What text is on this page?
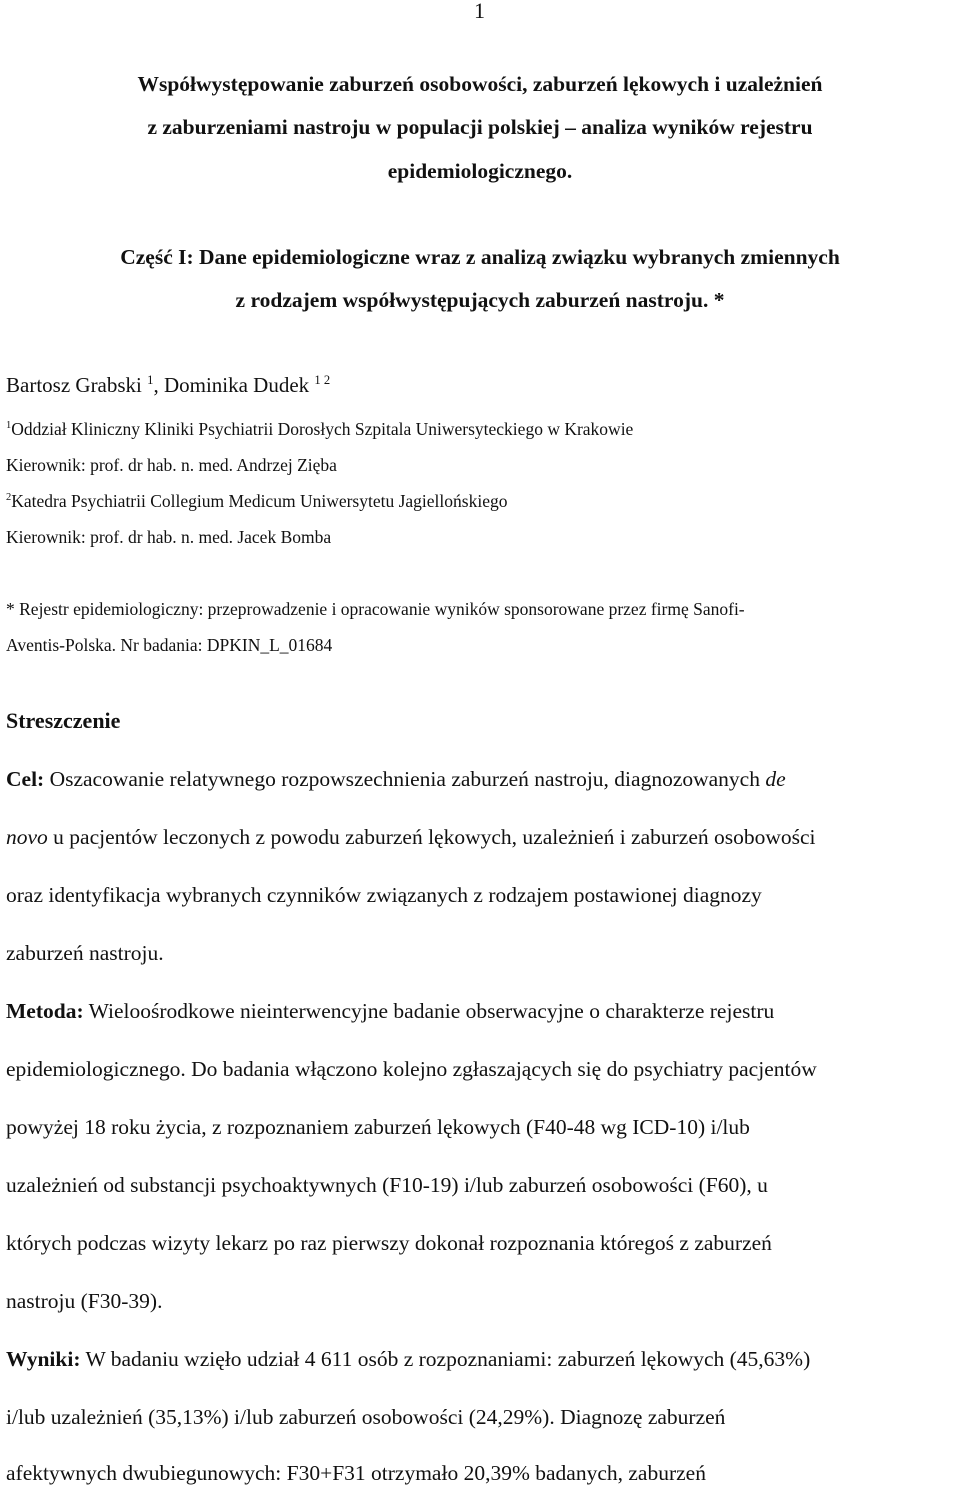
1
Współwystępowanie zaburzeń osobowości, zaburzeń lękowych i uzależnień
z zaburzeniami nastroju w populacji polskiej – analiza wyników rejestru
epidemiologicznego.
Część I: Dane epidemiologiczne wraz z analizą związku wybranych zmiennych
z rodzajem współwystępujących zaburzeń nastroju. *
Bartosz Grabski $^1$, Dominika Dudek $^{1 2}$
$^1$Oddział Kliniczny Kliniki Psychiatrii Dorosłych Szpitala Uniwersyteckiego w Krakowie
Kierownik: prof. dr hab. n. med. Andrzej Zięba
$^2$Katedra Psychiatrii Collegium Medicum Uniwersytetu Jagiellońskiego
Kierownik: prof. dr hab. n. med. Jacek Bomba
* Rejestr epidemiologiczny: przeprowadzenie i opracowanie wyników sponsorowane przez firmę Sanofi-
Aventis-Polska. Nr badania: DPKIN_L_01684
Streszczenie
Cel: Oszacowanie relatywnego rozpowszechnienia zaburzeń nastroju, diagnozowanych de
novo u pacjentów leczonych z powodu zaburzeń lękowych, uzależnień i zaburzeń osobowości
oraz identyfikacja wybranych czynników związanych z rodzajem postawionej diagnozy
zaburzeń nastroju.
Metoda: Wieloośrodkowe nieinterwencyjne badanie obserwacyjne o charakterze rejestru
epidemiologicznego. Do badania włączono kolejno zgłaszających się do psychiatry pacjentów
powyżej 18 roku życia, z rozpoznaniem zaburzeń lękowych (F40-48 wg ICD-10) i/lub
uzależnień od substancji psychoaktywnych (F10-19) i/lub zaburzeń osobowości (F60), u
których podczas wizyty lekarz po raz pierwszy dokonał rozpoznania któregoś z zaburzeń
nastroju (F30-39).
Wyniki: W badaniu wzięło udział 4 611 osób z rozpoznaniami: zaburzeń lękowych (45,63%)
i/lub uzależnień (35,13%) i/lub zaburzeń osobowości (24,29%). Diagnozę zaburzeń
afektywnych dwubiegunowych: F30+F31 otrzymało 20,39% badanych, zaburzeń
